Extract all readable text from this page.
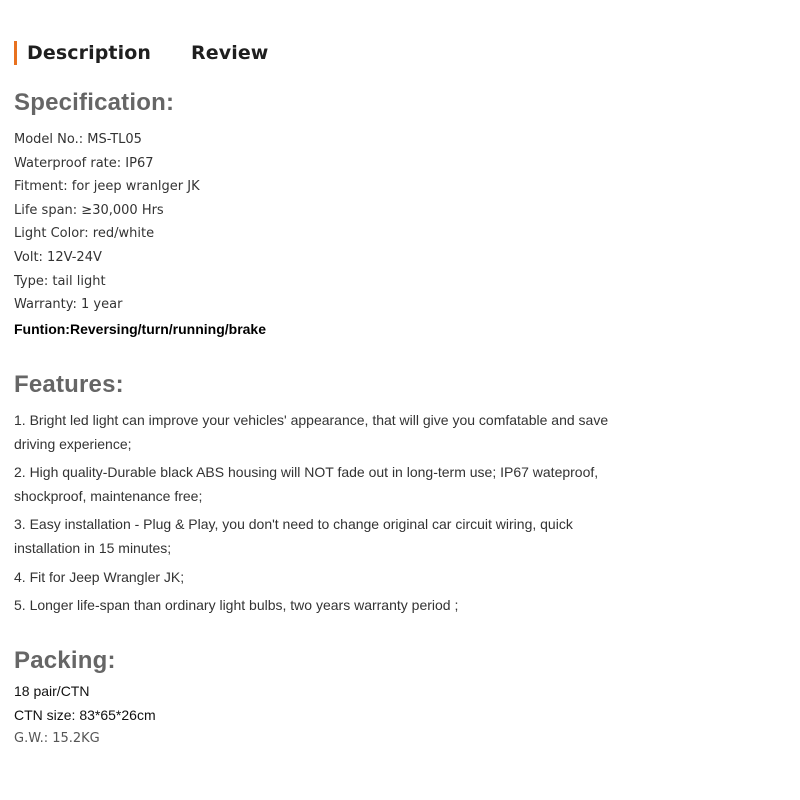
Description Review
Specification:
Model No.: MS-TL05
Waterproof rate: IP67
Fitment: for jeep wranlger JK
Life span: ≥30,000 Hrs
Light Color: red/white
Volt: 12V-24V
Type: tail light
Warranty: 1 year
Funtion:Reversing/turn/running/brake
Features:
1. Bright led light can improve your vehicles' appearance, that will give you comfatable and save driving experience;
2. High quality-Durable black ABS housing will NOT fade out in long-term use; IP67 wateproof, shockproof, maintenance free;
3. Easy installation - Plug & Play, you don't need to change original car circuit wiring, quick installation in 15 minutes;
4. Fit for Jeep Wrangler JK;
5. Longer life-span than ordinary light bulbs, two years warranty period ;
Packing:
18 pair/CTN
CTN size: 83*65*26cm
G.W.: 15.2KG
